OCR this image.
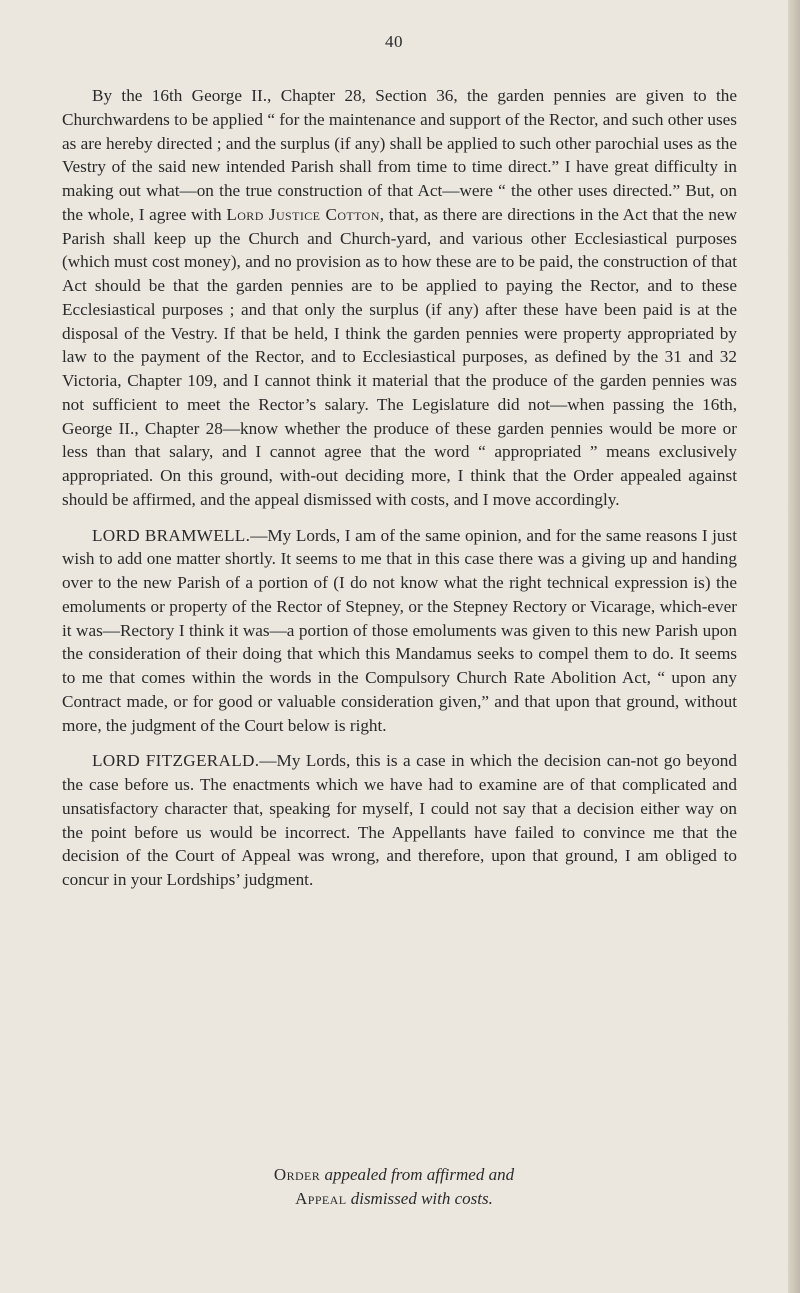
40

By the 16th George II., Chapter 28, Section 36, the garden pennies are given to the Churchwardens to be applied “ for the maintenance and support of the Rector, and such other uses as are hereby directed ; and the surplus (if any) shall be applied to such other parochial uses as the Vestry of the said new intended Parish shall from time to time direct.” I have great difficulty in making out what—on the true construction of that Act—were “ the other uses directed.” But, on the whole, I agree with Lord Justice Cotton, that, as there are directions in the Act that the new Parish shall keep up the Church and Church-yard, and various other Ecclesiastical purposes (which must cost money), and no provision as to how these are to be paid, the construction of that Act should be that the garden pennies are to be applied to paying the Rector, and to these Ecclesiastical purposes ; and that only the surplus (if any) after these have been paid is at the disposal of the Vestry. If that be held, I think the garden pennies were property appropriated by law to the payment of the Rector, and to Ecclesiastical purposes, as defined by the 31 and 32 Victoria, Chapter 109, and I cannot think it material that the produce of the garden pennies was not sufficient to meet the Rector’s salary. The Legislature did not—when passing the 16th, George II., Chapter 28—know whether the produce of these garden pennies would be more or less than that salary, and I cannot agree that the word “ appropriated ” means exclusively appropriated. On this ground, with-out deciding more, I think that the Order appealed against should be affirmed, and the appeal dismissed with costs, and I move accordingly.

LORD BRAMWELL.—My Lords, I am of the same opinion, and for the same reasons I just wish to add one matter shortly. It seems to me that in this case there was a giving up and handing over to the new Parish of a portion of (I do not know what the right technical expression is) the emoluments or property of the Rector of Stepney, or the Stepney Rectory or Vicarage, which-ever it was—Rectory I think it was—a portion of those emoluments was given to this new Parish upon the consideration of their doing that which this Mandamus seeks to compel them to do. It seems to me that comes within the words in the Compulsory Church Rate Abolition Act, “ upon any Contract made, or for good or valuable consideration given,” and that upon that ground, without more, the judgment of the Court below is right.

LORD FITZGERALD.—My Lords, this is a case in which the decision can-not go beyond the case before us. The enactments which we have had to examine are of that complicated and unsatisfactory character that, speaking for myself, I could not say that a decision either way on the point before us would be incorrect. The Appellants have failed to convince me that the decision of the Court of Appeal was wrong, and therefore, upon that ground, I am obliged to concur in your Lordships’ judgment.

Order appealed from affirmed and
Appeal dismissed with costs.
